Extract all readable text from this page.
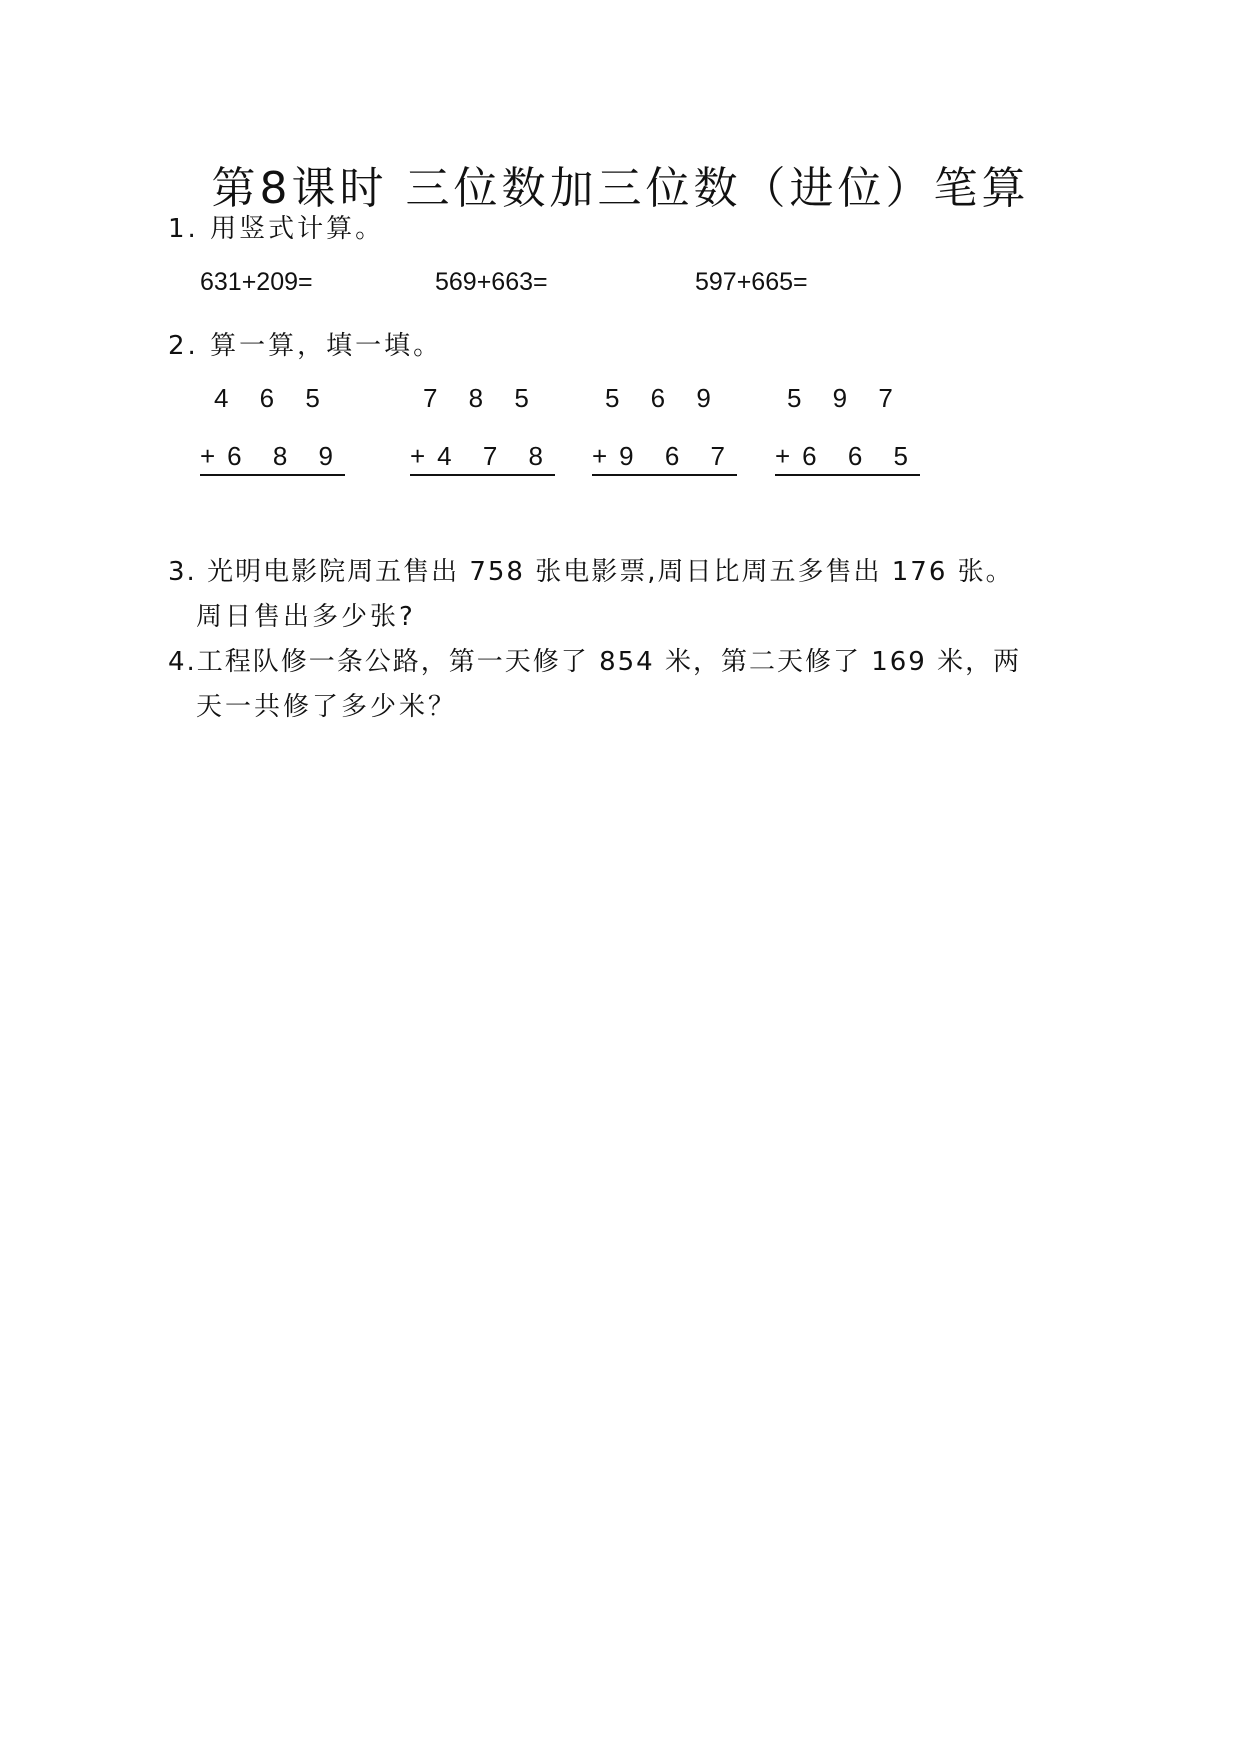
第8课时 三位数加三位数（进位）笔算
1. 用竖式计算。
631+209=	569+663=	597+665=
2. 算一算，填一填。
4 6 5
+6 8 9
7 8 5
+4 7 8
5 6 9
+9 6 7
5 9 7
+6 6 5
3. 光明电影院周五售出 758 张电影票,周日比周五多售出 176 张。
周日售出多少张?
4.工程队修一条公路，第一天修了 854 米，第二天修了 169 米，两
天一共修了多少米？
